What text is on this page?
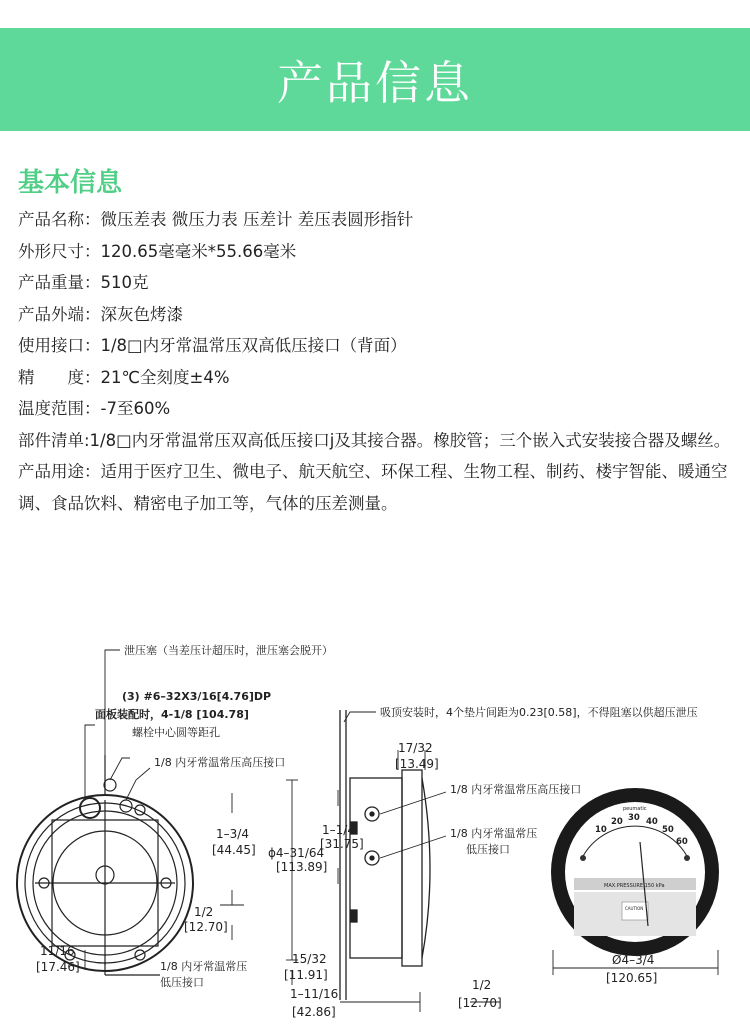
产品信息
基本信息

产品名称：微压差表 微压力表 压差计 差压表圆形指针

外形尺寸：120.65毫毫米*55.66毫米

产品重量：510克

产品外端：深灰色烤漆

使用接口：1/8□内牙常温常压双高低压接口（背面）

精　　度：21℃全刻度±4%

温度范围：-7至60%

部件清单:1/8□内牙常温常压双高低压接口j及其接合器。橡胶管；三个嵌入式安装接合器及螺丝。

产品用途：适用于医疗卫生、微电子、航天航空、环保工程、生物工程、制药、楼宇智能、暖通空调、食品饮料、精密电子加工等，气体的压差测量。

泄压塞（当差压计超压时，泄压塞会脱开）
(3) #6–32X3/16[4.76]DP
面板装配时，4-1/8 [104.78]
螺栓中心圆等距孔
1/8 内牙常温常压高压接口
1–3/4
[44.45]
1/2
[12.70]
11/16
[17.46]	1/8 内牙常温常压
低压接口
吸顶安装时，4个垫片间距为0.23[0.58]，不得阻塞以供超压泄压
17/32
[13.49]
1/8 内牙常温常压高压接口
1–1/4
[31.75]
ϕ4–31/64
[113.89]
1/8 内牙常温常压
低压接口
15/32
[11.91]
1–11/16
[42.86]
1/2
[12.70]
peumatic
10
20 30 40
50
60
MAX.PRESSURE 150 kPa
CAUTION
Ø4–3/4
[120.65]
